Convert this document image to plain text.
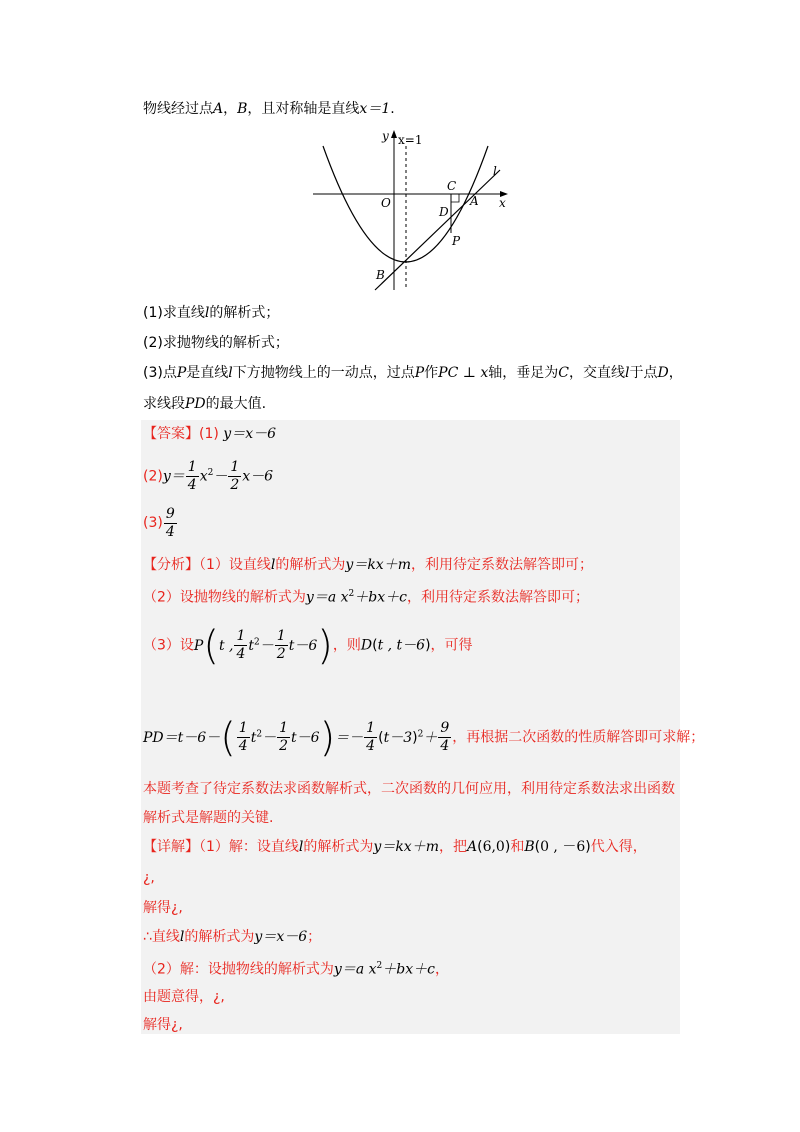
物线经过点A，B，且对称轴是直线x＝1.
y x=1
l
C
O
D
A x
P
B
(1)求直线l的解析式；
(2)求抛物线的解析式；
(3)点P是直线l下方抛物线上的一动点，过点P作PC ⊥ x轴，垂足为C，交直线l于点D，
求线段PD的最大值.
【答案】(1) y＝x－6
$(2)y= \frac{1}{4} x^2- \frac{1}{2} x-6$
$(3) \frac{9}{4}$
【分析】（1）设直线l的解析式为y＝kx＋m，利用待定系数法解答即可；
（2）设抛物线的解析式为y＝a $x^2+bx+c$，利用待定系数法解答即可；
（3）设P(t , $\frac{1}{4} t^2- \frac{1}{2} t-6$)，则D(t , t－6)，可得
$PD=t-6-( \frac{1}{4} t^2- \frac{1}{2} t-6)=- \frac{1}{4} (t-3)^2+ \frac{9}{4}$ ，再根据二次函数的性质解答即可求解；
本题考查了待定系数法求函数解析式，二次函数的几何应用，利用待定系数法求出函数
解析式是解题的关键.
【详解】（1）解：设直线l的解析式为y＝kx＋m，把A(6,0)和B(0 , －6)代入得，
¿,
解得¿,
∴直线l的解析式为y＝x－6；
（2）解：设抛物线的解析式为y＝a $x^2+bx+c$，
由题意得，¿,
解得¿,
